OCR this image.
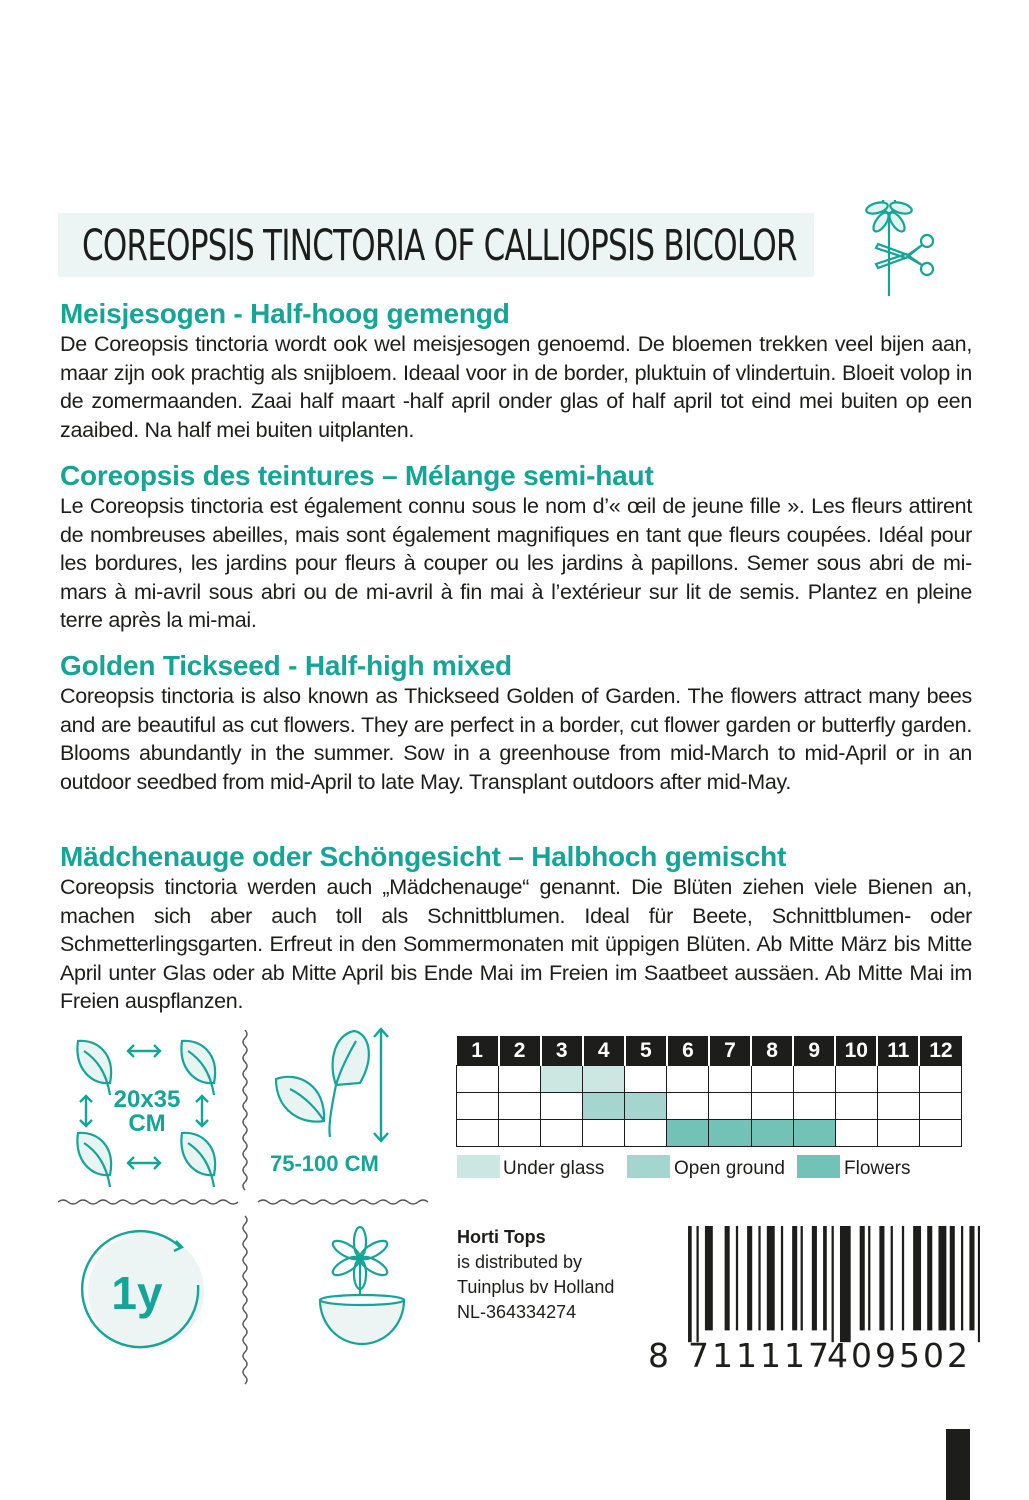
COREOPSIS TINCTORIA OF CALLIOPSIS BICOLOR
Meisjesogen - Half-hoog gemengd
De Coreopsis tinctoria wordt ook wel meisjesogen genoemd. De bloemen trekken veel bijen aan, maar zijn ook prachtig als snijbloem. Ideaal voor in de border, pluktuin of vlindertuin. Bloeit volop in de zomermaanden. Zaai half maart -half april onder glas of half april tot eind mei buiten op een zaaibed. Na half mei buiten uitplanten.
Coreopsis des teintures – Mélange semi-haut
Le Coreopsis tinctoria est également connu sous le nom d’« œil de jeune fille ». Les fleurs attirent de nombreuses abeilles, mais sont également magnifiques en tant que fleurs coupées. Idéal pour les bordures, les jardins pour fleurs à couper ou les jardins à papillons. Semer sous abri de mi-mars à mi-avril sous abri ou de mi-avril à fin mai à l’extérieur sur lit de semis. Plantez en pleine terre après la mi-mai.
Golden Tickseed - Half-high mixed
Coreopsis tinctoria is also known as Thickseed Golden of Garden. The flowers attract many bees and are beautiful as cut flowers. They are perfect in a border, cut flower garden or butterfly garden. Blooms abundantly in the summer. Sow in a greenhouse from mid-March to mid-April or in an outdoor seedbed from mid-April to late May. Transplant outdoors after mid-May.
Mädchenauge oder Schöngesicht – Halbhoch gemischt
Coreopsis tinctoria werden auch „Mädchenauge“ genannt. Die Blüten ziehen viele Bienen an, machen sich aber auch toll als Schnittblumen. Ideal für Beete, Schnittblumen- oder Schmetterlingsgarten. Erfreut in den Sommermonaten mit üppigen Blüten. Ab Mitte März bis Mitte April unter Glas oder ab Mitte April bis Ende Mai im Freien im Saatbeet aussäen. Ab Mitte Mai im Freien auspflanzen.
20x35
CM
75-100 CM
1y
1	2	3	4	5	6	7	8	9	10	11	12

Under glass	Open ground	Flowers
Horti Tops
is distributed by
Tuinplus bv Holland
NL-364334274
8 711117
409502
